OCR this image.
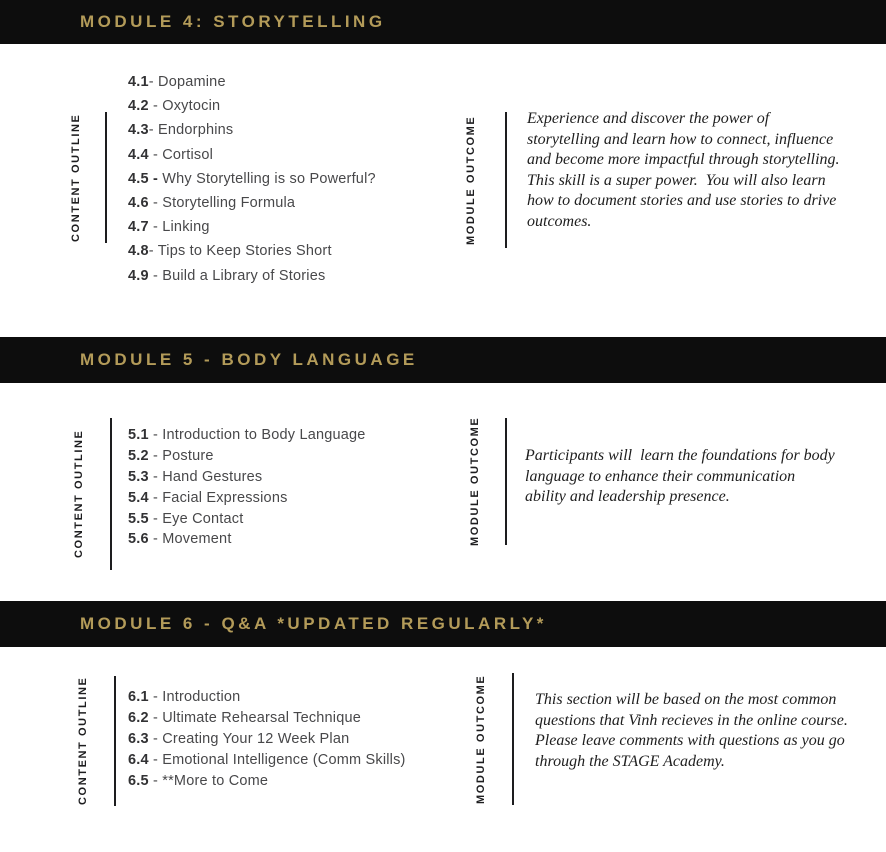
MODULE 4: STORYTELLING
CONTENT OUTLINE
4.1 - Dopamine
4.2 - Oxytocin
4.3 - Endorphins
4.4 - Cortisol
4.5 - Why Storytelling is so Powerful?
4.6 - Storytelling Formula
4.7 - Linking
4.8 - Tips to Keep Stories Short
4.9 - Build a Library of Stories
MODULE OUTCOME	Experience and discover the power of storytelling and learn how to connect, influence and become more impactful through storytelling. This skill is a super power.  You will also learn how to document stories and use stories to drive outcomes.

MODULE 5 - BODY LANGUAGE
CONTENT OUTLINE	5.1 - Introduction to Body Language
5.2 - Posture
5.3 - Hand Gestures
5.4 - Facial Expressions
5.5 - Eye Contact
5.6 - Movement	MODULE OUTCOME	Participants will  learn the foundations for body language to enhance their communication ability and leadership presence.

MODULE 6 - Q&A *UPDATED REGULARLY*
CONTENT OUTLINE	6.1 - Introduction
6.2 - Ultimate Rehearsal Technique
6.3 - Creating Your 12 Week Plan
6.4 - Emotional Intelligence (Comm Skills)
6.5 - **More to Come	MODULE OUTCOME	This section will be based on the most common questions that Vinh recieves in the online course. Please leave comments with questions as you go through the STAGE Academy.
